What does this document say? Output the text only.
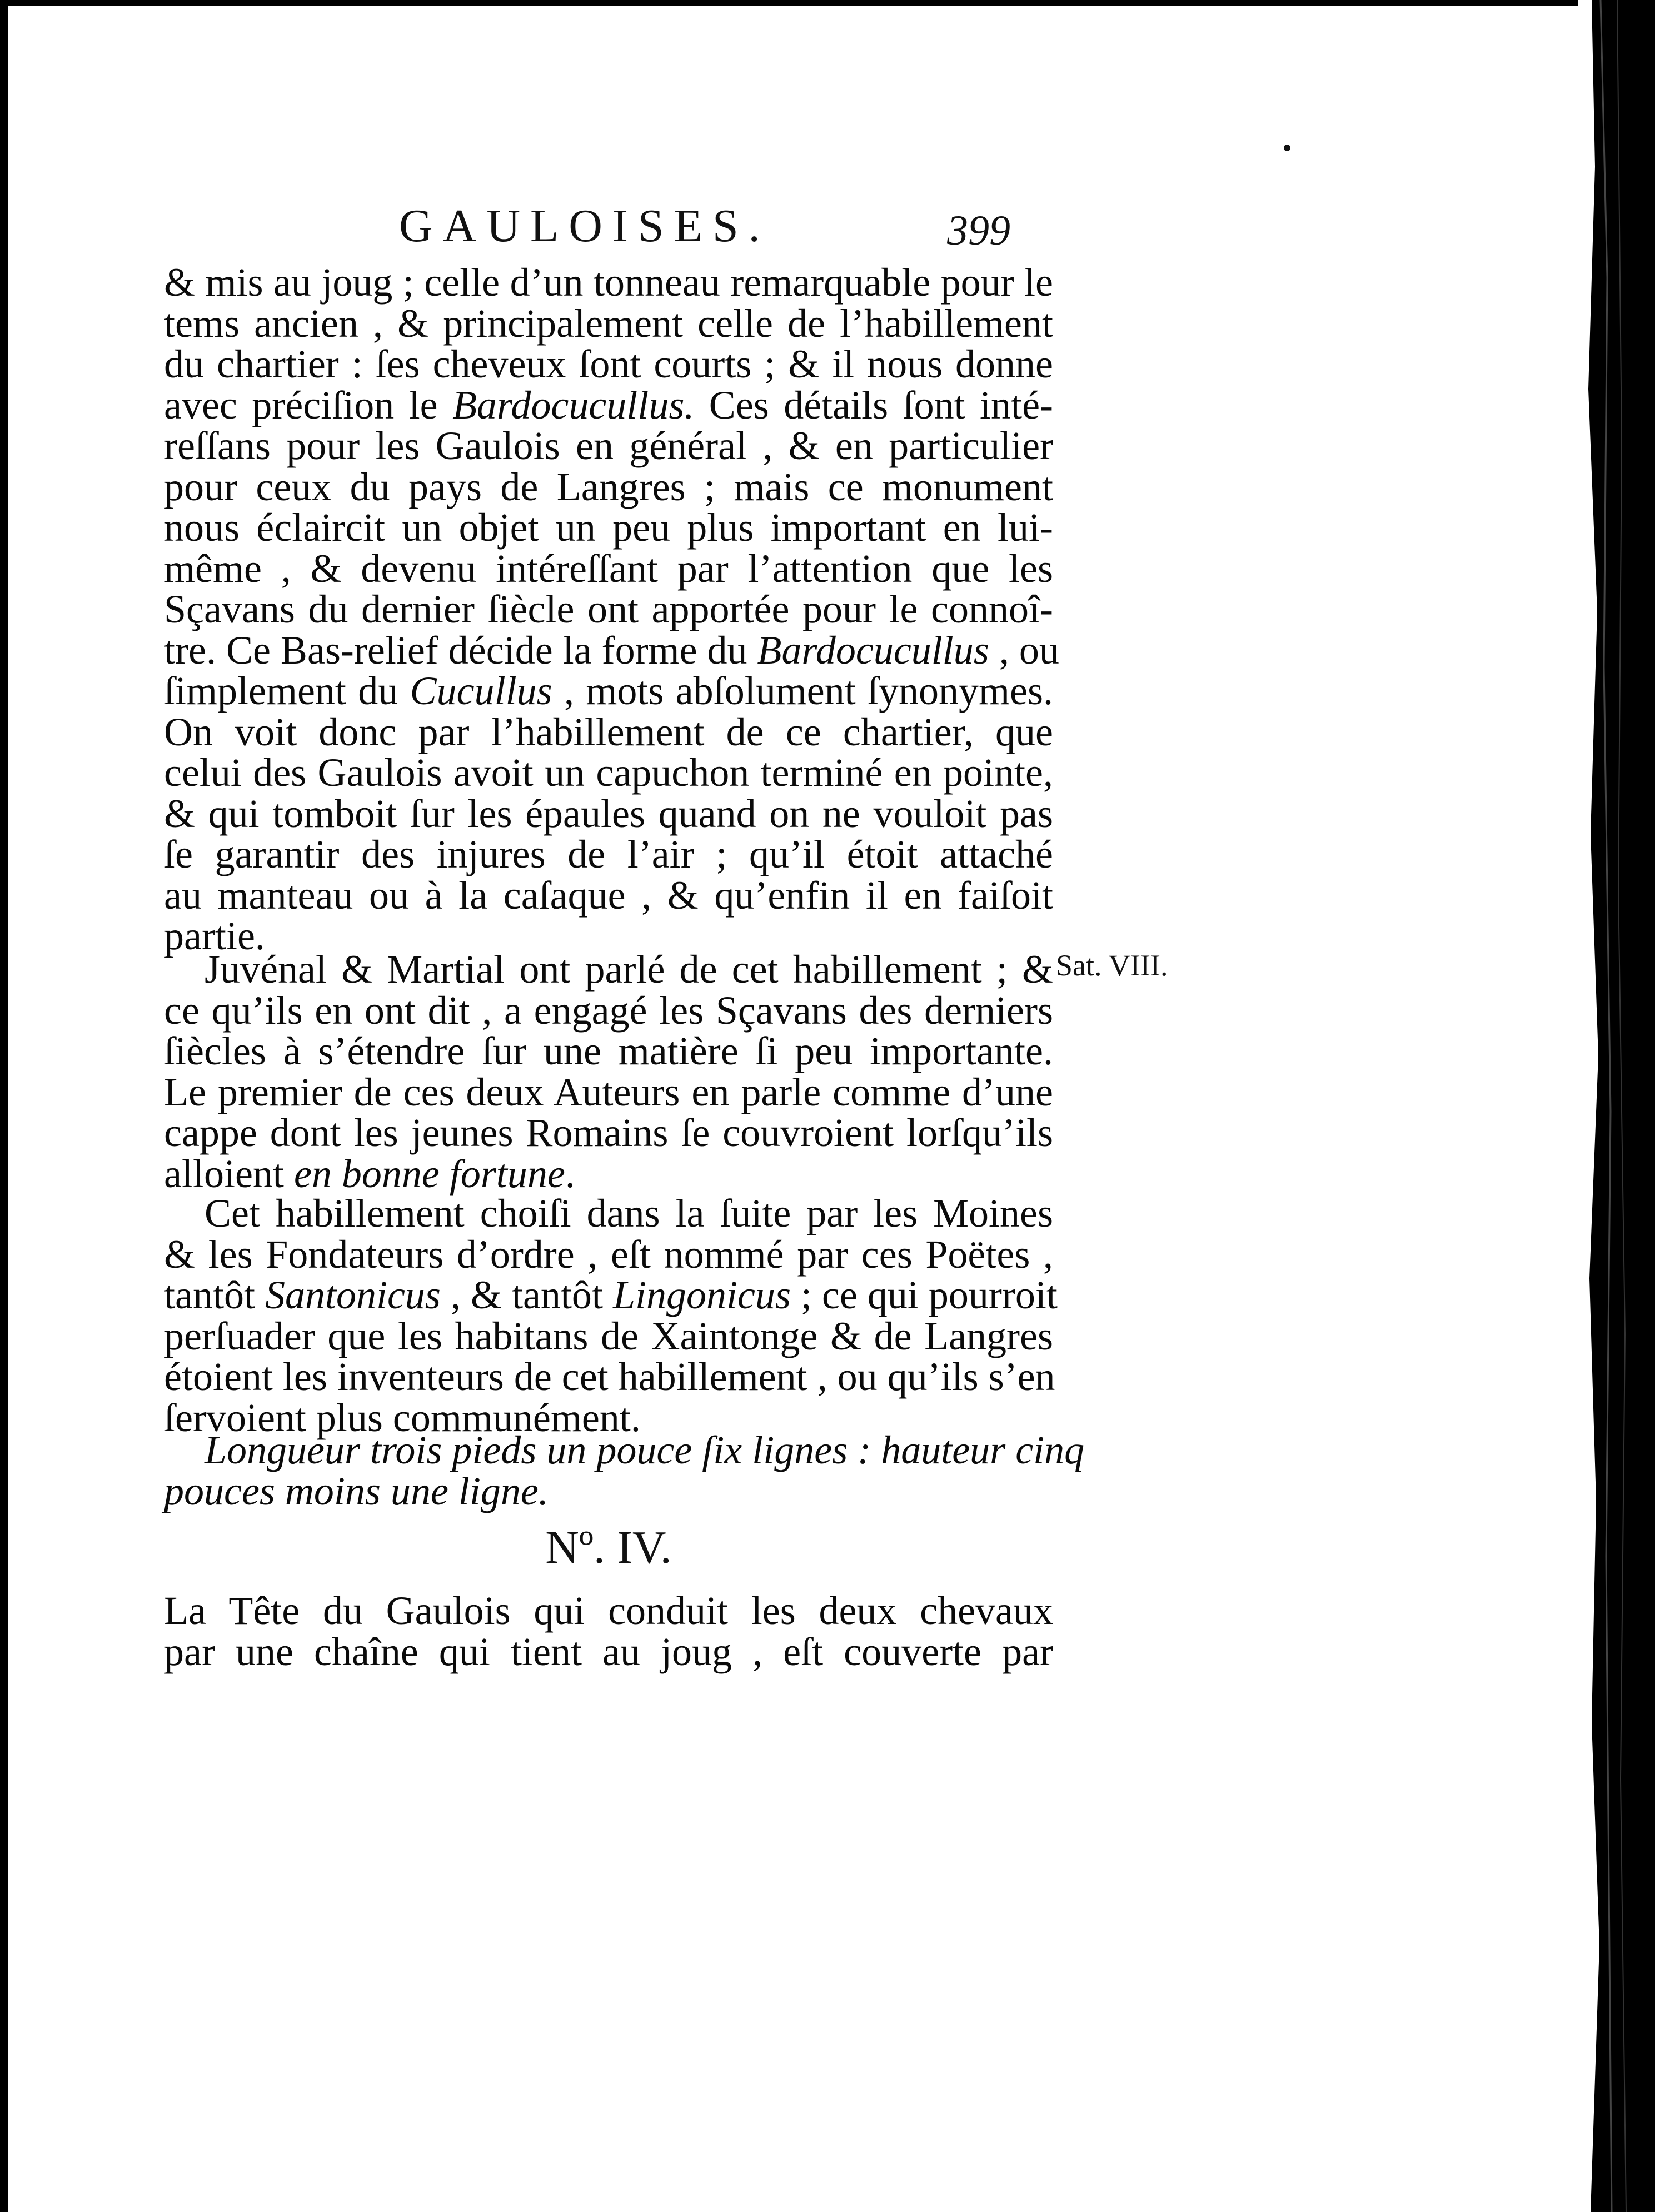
GAULOISES.	399
& mis au joug ; celle d’un tonneau remarquable pour le
tems ancien , & principalement celle de l’habillement
du chartier : ſes cheveux ſont courts ; & il nous donne
avec préciſion le Bardocucullus. Ces détails ſont inté-
reſſans pour les Gaulois en général , & en particulier
pour ceux du pays de Langres ; mais ce monument
nous éclaircit un objet un peu plus important en lui-
même , & devenu intéreſſant par l’attention que les
Sçavans du dernier ſiècle ont apportée pour le connoî-
tre. Ce Bas-relief décide la forme du Bardocucullus , ou
ſimplement du Cucullus , mots abſolument ſynonymes.
On voit donc par l’habillement de ce chartier, que
celui des Gaulois avoit un capuchon terminé en pointe,
& qui tomboit ſur les épaules quand on ne vouloit pas
ſe garantir des injures de l’air ; qu’il étoit attaché
au manteau ou à la caſaque , & qu’enfin il en faiſoit
partie.
Juvénal & Martial ont parlé de cet habillement ; &
ce qu’ils en ont dit , a engagé les Sçavans des derniers
ſiècles à s’étendre ſur une matière ſi peu importante.
Le premier de ces deux Auteurs en parle comme d’une
cappe dont les jeunes Romains ſe couvroient lorſqu’ils
alloient en bonne fortune.
Cet habillement choiſi dans la ſuite par les Moines
& les Fondateurs d’ordre , eſt nommé par ces Poëtes ,
tantôt Santonicus , & tantôt Lingonicus ; ce qui pourroit
perſuader que les habitans de Xaintonge & de Langres
étoient les inventeurs de cet habillement , ou qu’ils s’en
ſervoient plus communément.
Longueur trois pieds un pouce ſix lignes : hauteur cinq
pouces moins une ligne.
La Tête du Gaulois qui conduit les deux chevaux
par une chaîne qui tient au joug , eſt couverte par
Sat. VIII.
Nº. IV.
